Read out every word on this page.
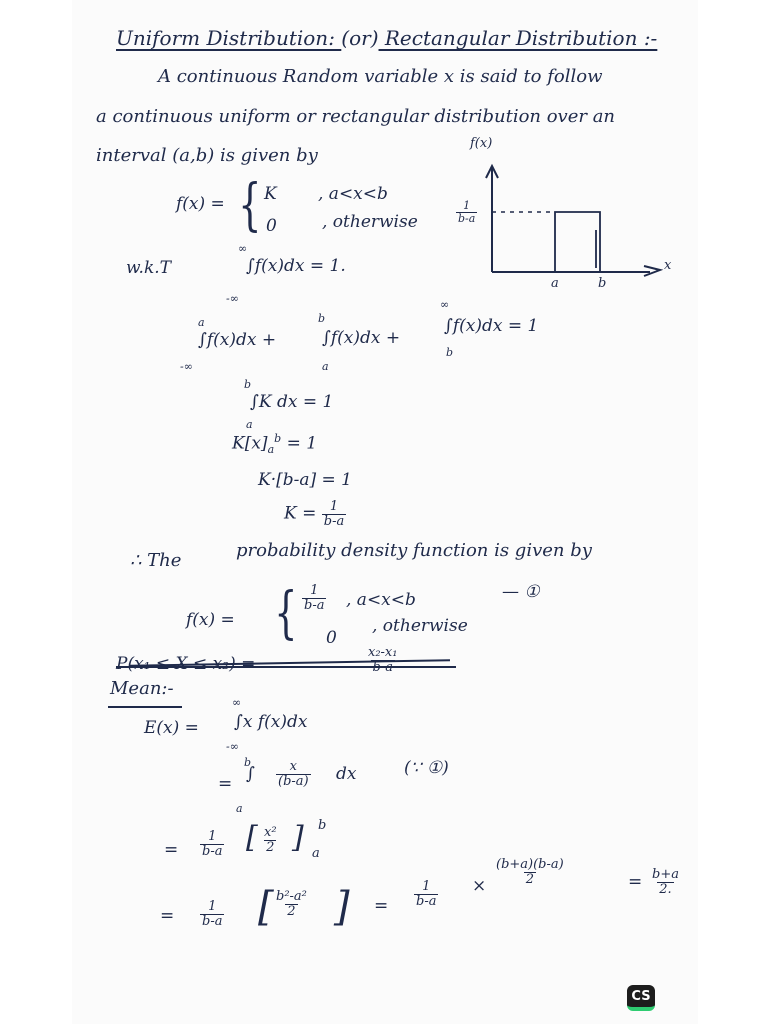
Uniform Distribution: (or) Rectangular Distribution :-
A continuous Random variable x is said to follow
a continuous uniform or rectangular distribution over an
interval (a,b) is given by
f(x) = { K , a<x<b
0	, otherwise
f(x)
x
$\frac{1}{b-a}$
a	b
w.k.T
∞
∫f(x)dx = 1.
-∞
a
∫f(x)dx +
-∞
b
∫f(x)dx +
a
∞
∫f(x)dx = 1
b
b
∫K dx = 1
a
$K[x]_a^b = 1$
K·[b-a] = 1
$K = \frac{1}{b-a}$
∴ The	probability density function is given by
f(x) = { $\frac{1}{b-a}$ , a<x<b	— ①
0
, otherwise
P(x₁ ≤ X ≤ x₂) =	$\frac{\text{x₂-x₁}}{b-a}$
Mean:-
E(x) =
∞
∫x f(x)dx
-∞
=
b
∫
a
$\frac{x}{(b-a)}$ dx	(∵ ①)
= $\frac{1}{b-a}$ [ $\frac{\text{x²}}{2}$ ] b
a
= $\frac{1}{b-a}$ [ $\frac{\text{b²-a²}}{2}$ ] = $\frac{1}{b-a} \times \frac{(b+a)(b-a)}{2}$	= $\frac{b+a}{2.}$
CS
